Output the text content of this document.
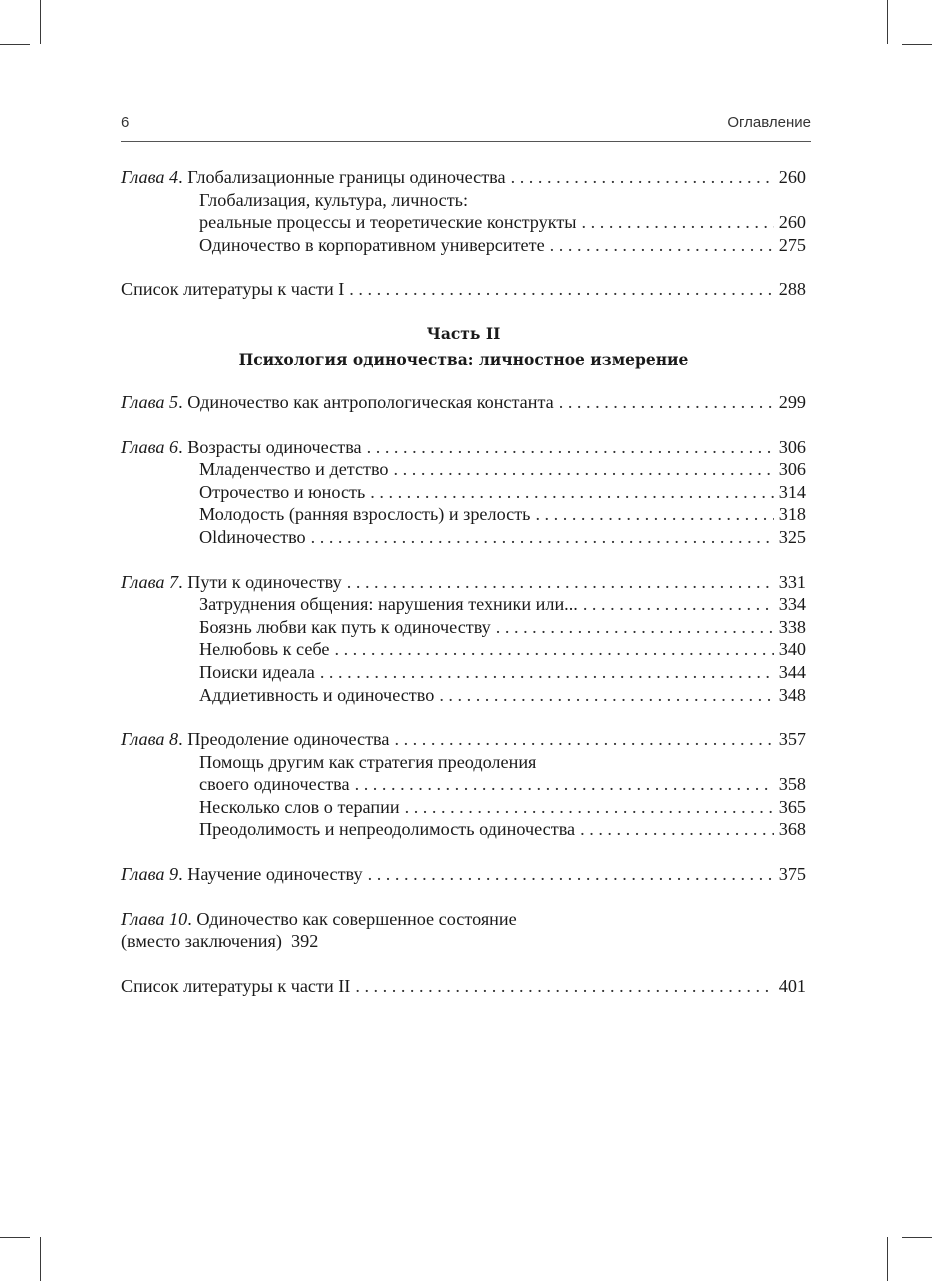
6	Оглавление
Глава 4. Глобализационные границы одиночества . . .	260
Глобализация, культура, личность:
реальные процессы и теоретические конструкты . . .	260
Одиночество в корпоративном университете . . .	275
Список литературы к части I . . .	288
Часть II
Психология одиночества: личностное измерение
Глава 5. Одиночество как антропологическая константа . . .	299
Глава 6. Возрасты одиночества . . .	306
Младенчество и детство . . .	306
Отрочество и юность . . .	314
Молодость (ранняя взрослость) и зрелость . . .	318
Oldиночество . . .	325
Глава 7. Пути к одиночеству . . .	331
Затруднения общения: нарушения техники или... . . .	334
Боязнь любви как путь к одиночеству . . .	338
Нелюбовь к себе . . .	340
Поиски идеала . . .	344
Аддиетивность и одиночество . . .	348
Глава 8. Преодоление одиночества . . .	357
Помощь другим как стратегия преодоления
своего одиночества . . .	358
Несколько слов о терапии . . .	365
Преодолимость и непреодолимость одиночества . . .	368
Глава 9. Научение одиночеству . . .	375
Глава 10. Одиночество как совершенное состояние
(вместо заключения)  392
Список литературы к части II . . .	401
